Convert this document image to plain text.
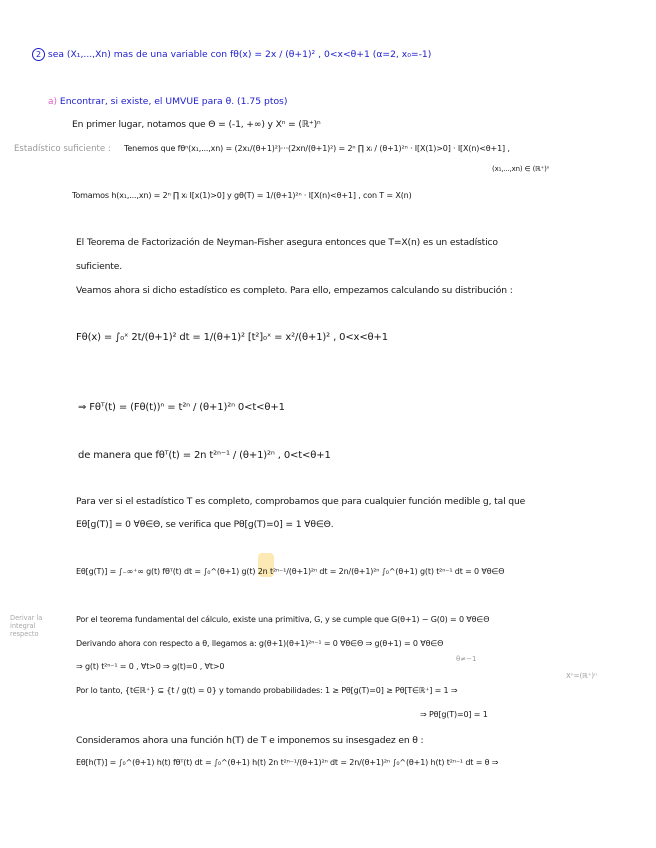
2 sea (X₁,...,Xn) mas de una variable con fθ(x) = 2x / (θ+1)² , 0<x<θ+1 (α=2, x₀=-1)
a) Encontrar, si existe, el UMVUE para θ. (1.75 ptos)
En primer lugar, notamos que Θ = (-1, +∞) y Xⁿ = (ℝ⁺)ⁿ
Estadístico suficiente : Tenemos que fθⁿ(x₁,...,xn) = (2x₁/(θ+1)²)···(2xn/(θ+1)²) = 2ⁿ ∏ xᵢ / (θ+1)²ⁿ · I[X(1)>0] · I[X(n)<θ+1] ,
(x₁,...,xn) ∈ (ℝ⁺)ⁿ
Tomamos h(x₁,...,xn) = 2ⁿ ∏ xᵢ I[x(1)>0] y gθ(T) = 1/(θ+1)²ⁿ · I[X(n)<θ+1] , con T = X(n)
El Teorema de Factorización de Neyman-Fisher asegura entonces que T=X(n) es un estadístico
suficiente.
Veamos ahora si dicho estadístico es completo. Para ello, empezamos calculando su distribución :
Fθ(x) = ∫₀ˣ 2t/(θ+1)² dt = 1/(θ+1)² [t²]₀ˣ = x²/(θ+1)² , 0<x<θ+1
⇒ Fθᵀ(t) = (Fθ(t))ⁿ = t²ⁿ / (θ+1)²ⁿ 0<t<θ+1
de manera que fθᵀ(t) = 2n t²ⁿ⁻¹ / (θ+1)²ⁿ , 0<t<θ+1
Para ver si el estadístico T es completo, comprobamos que para cualquier función medible g, tal que
Eθ[g(T)] = 0 ∀θ∈Θ, se verifica que Pθ[g(T)=0] = 1 ∀θ∈Θ.
Eθ[g(T)] = ∫₋∞⁺∞ g(t) fθᵀ(t) dt = ∫₀^(θ+1) g(t) 2n t²ⁿ⁻¹/(θ+1)²ⁿ dt = 2n/(θ+1)²ⁿ ∫₀^(θ+1) g(t) t²ⁿ⁻¹ dt = 0 ∀θ∈Θ
Derivar la integral respecto
Por el teorema fundamental del cálculo, existe una primitiva, G, y se cumple que G(θ+1) − G(0) = 0 ∀θ∈Θ
Derivando ahora con respecto a θ, llegamos a: g(θ+1)(θ+1)²ⁿ⁻¹ = 0 ∀θ∈Θ ⇒ g(θ+1) = 0 ∀θ∈Θ
θ≠−1
⇒ g(t) t²ⁿ⁻¹ = 0 , ∀t>0 ⇒ g(t)=0 , ∀t>0
Xⁿ=(ℝ⁺)ⁿ
Por lo tanto, {t∈ℝ⁺} ⊆ {t / g(t) = 0} y tomando probabilidades: 1 ≥ Pθ[g(T)=0] ≥ Pθ[T∈ℝ⁺] = 1 ⇒
⇒ Pθ[g(T)=0] = 1
Consideramos ahora una función h(T) de T e imponemos su insesgadez en θ :
Eθ[h(T)] = ∫₀^(θ+1) h(t) fθᵀ(t) dt = ∫₀^(θ+1) h(t) 2n t²ⁿ⁻¹/(θ+1)²ⁿ dt = 2n/(θ+1)²ⁿ ∫₀^(θ+1) h(t) t²ⁿ⁻¹ dt = θ ⇒
